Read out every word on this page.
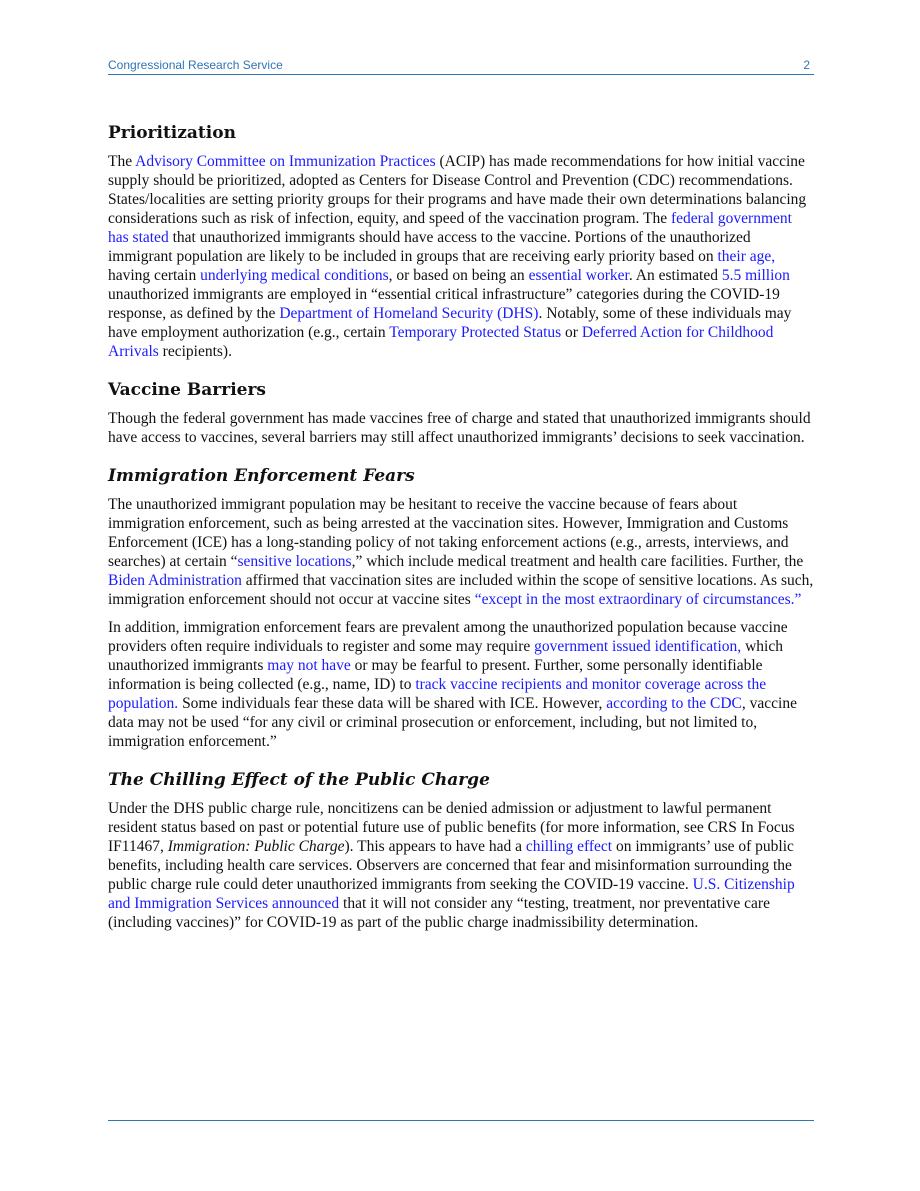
Congressional Research Service	2
Prioritization

The Advisory Committee on Immunization Practices (ACIP) has made recommendations for how initial vaccine supply should be prioritized, adopted as Centers for Disease Control and Prevention (CDC) recommendations. States/localities are setting priority groups for their programs and have made their own determinations balancing considerations such as risk of infection, equity, and speed of the vaccination program. The federal government has stated that unauthorized immigrants should have access to the vaccine. Portions of the unauthorized immigrant population are likely to be included in groups that are receiving early priority based on their age, having certain underlying medical conditions, or based on being an essential worker. An estimated 5.5 million unauthorized immigrants are employed in “essential critical infrastructure” categories during the COVID-19 response, as defined by the Department of Homeland Security (DHS). Notably, some of these individuals may have employment authorization (e.g., certain Temporary Protected Status or Deferred Action for Childhood Arrivals recipients).

Vaccine Barriers

Though the federal government has made vaccines free of charge and stated that unauthorized immigrants should have access to vaccines, several barriers may still affect unauthorized immigrants’ decisions to seek vaccination.

Immigration Enforcement Fears

The unauthorized immigrant population may be hesitant to receive the vaccine because of fears about immigration enforcement, such as being arrested at the vaccination sites. However, Immigration and Customs Enforcement (ICE) has a long-standing policy of not taking enforcement actions (e.g., arrests, interviews, and searches) at certain “sensitive locations,” which include medical treatment and health care facilities. Further, the Biden Administration affirmed that vaccination sites are included within the scope of sensitive locations. As such, immigration enforcement should not occur at vaccine sites “except in the most extraordinary of circumstances.”

In addition, immigration enforcement fears are prevalent among the unauthorized population because vaccine providers often require individuals to register and some may require government issued identification, which unauthorized immigrants may not have or may be fearful to present. Further, some personally identifiable information is being collected (e.g., name, ID) to track vaccine recipients and monitor coverage across the population. Some individuals fear these data will be shared with ICE. However, according to the CDC, vaccine data may not be used “for any civil or criminal prosecution or enforcement, including, but not limited to, immigration enforcement.”

The Chilling Effect of the Public Charge

Under the DHS public charge rule, noncitizens can be denied admission or adjustment to lawful permanent resident status based on past or potential future use of public benefits (for more information, see CRS In Focus IF11467, Immigration: Public Charge). This appears to have had a chilling effect on immigrants’ use of public benefits, including health care services. Observers are concerned that fear and misinformation surrounding the public charge rule could deter unauthorized immigrants from seeking the COVID-19 vaccine. U.S. Citizenship and Immigration Services announced that it will not consider any “testing, treatment, nor preventative care (including vaccines)” for COVID-19 as part of the public charge inadmissibility determination.
